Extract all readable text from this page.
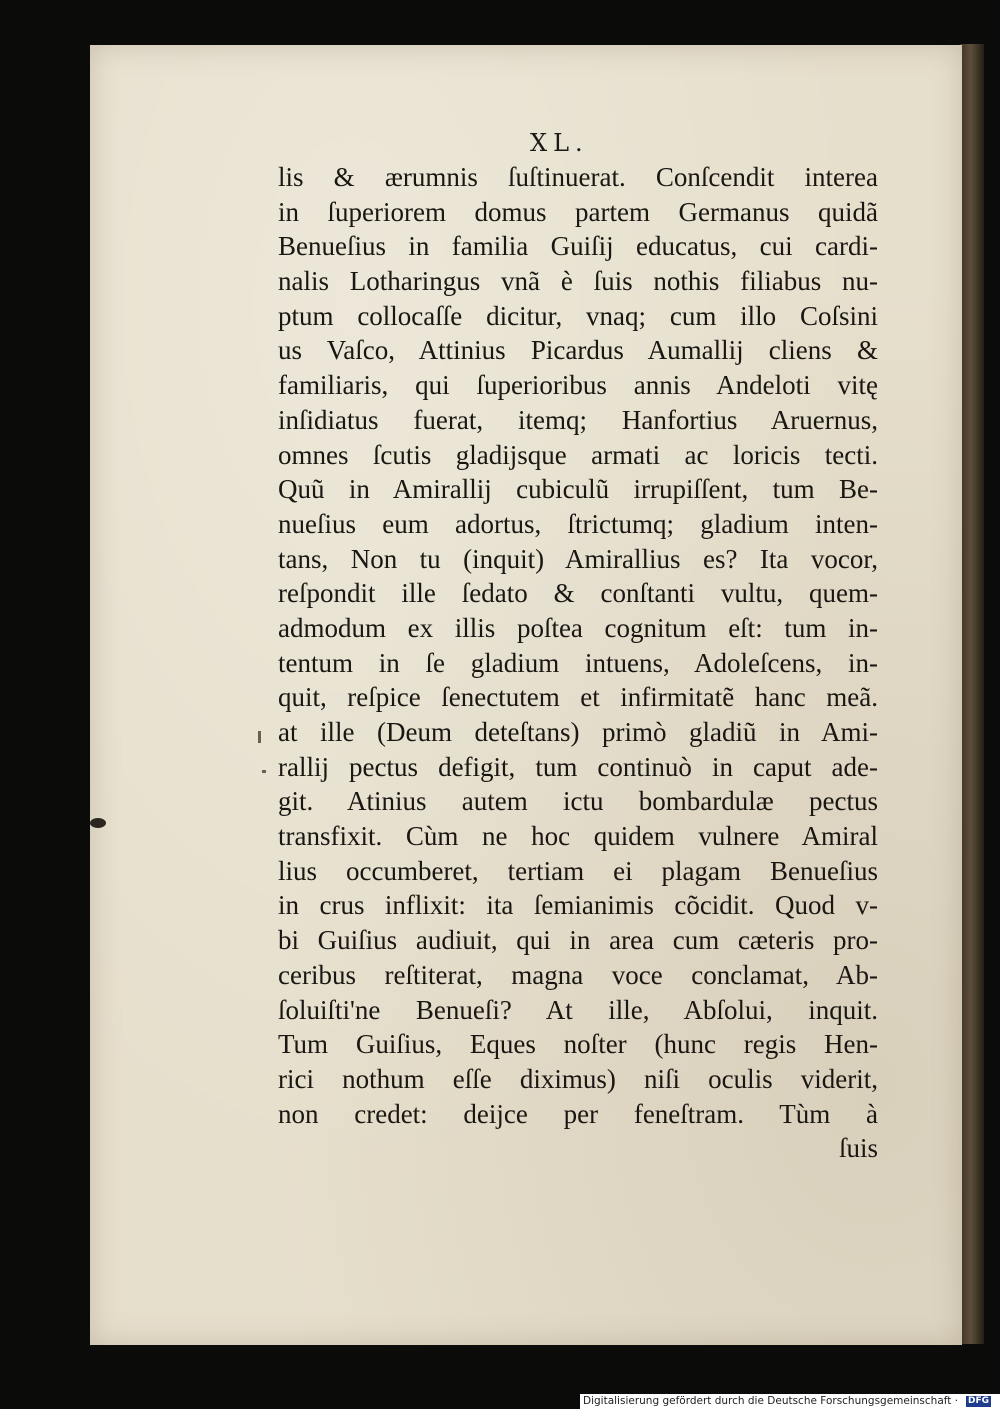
XL.
lis & ærumnis ſuſtinuerat. Conſcendit interea
in ſuperiorem domus partem Germanus quidã
Benueſius in familia Guiſij educatus, cui cardi-
nalis Lotharingus vnã è ſuis nothis filiabus nu-
ptum collocaſſe dicitur, vnaq; cum illo Coſsini
us Vaſco, Attinius Picardus Aumallij cliens &
familiaris, qui ſuperioribus annis Andeloti vitę
inſidiatus fuerat, itemq; Hanfortius Aruernus,
omnes ſcutis gladijsque armati ac loricis tecti.
Quũ in Amirallij cubiculũ irrupiſſent, tum Be-
nueſius eum adortus, ſtrictumq; gladium inten-
tans, Non tu (inquit) Amirallius es? Ita vocor,
reſpondit ille ſedato & conſtanti vultu, quem-
admodum ex illis poſtea cognitum eſt: tum in-
tentum in ſe gladium intuens, Adoleſcens, in-
quit, reſpice ſenectutem et infirmitatẽ hanc meã.
at ille (Deum deteſtans) primò gladiũ in Ami-
rallij pectus defigit, tum continuò in caput ade-
git. Atinius autem ictu bombardulæ pectus
transfixit. Cùm ne hoc quidem vulnere Amiral
lius occumberet, tertiam ei plagam Benueſius
in crus inflixit: ita ſemianimis cõcidit. Quod v-
bi Guiſius audiuit, qui in area cum cæteris pro-
ceribus reſtiterat, magna voce conclamat, Ab-
ſoluiſti'ne Benueſi? At ille, Abſolui, inquit.
Tum Guiſius, Eques noſter (hunc regis Hen-
rici nothum eſſe diximus) niſi oculis viderit,
non credet: deijce per feneſtram. Tùm à
ſuis
Digitalisierung gefördert durch die Deutsche Forschungsgemeinschaft · DFG
